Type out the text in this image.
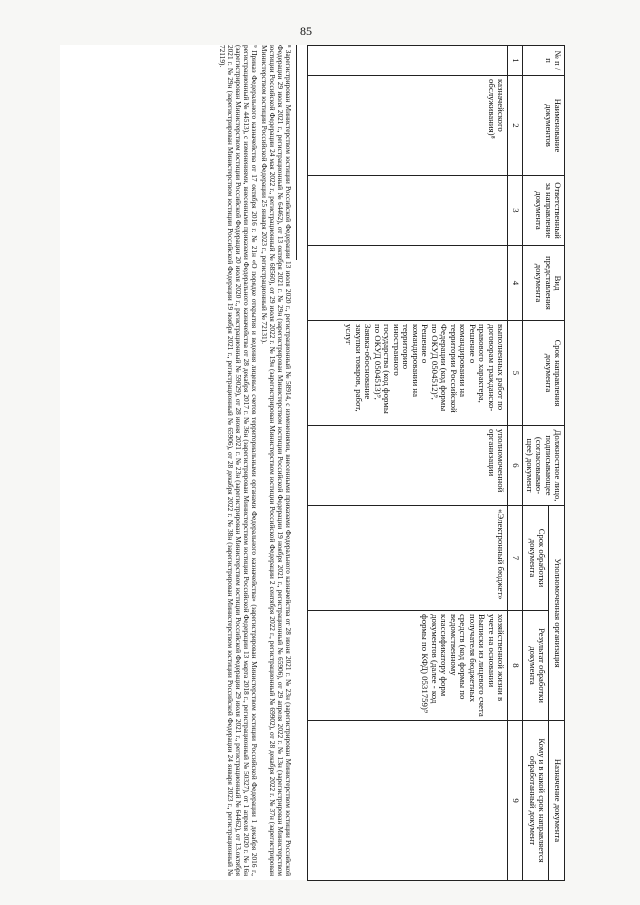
85
№ п / п	Наименование документов	Ответственный за направление документа	Вид представления документа	Срок направления документа	Должностное лицо, подписывающее (согласовываю- щее) документ	Уполномоченная организация		Назначение документа
						Срок обработки документа	Результат обработки документа	Кому и в какой срок направляется обработанный документ
1	2	3	4	5	6	7	8	9
	казначейского обслуживания)⁸			выполненных работ по договорам гражданско-правового характера, Решение о командировании на территории Российской Федерации (код формы по ОКУД 0504512)⁹, Решение о командировании на территорию иностранного государства (код формы по ОКУД 0504513)⁹, Заявка-обоснование закупки товаров, работ, услуг	уполномоченной организации	«Электронный бюджет»	хозяйственной жизни в учете на основании Выписки из лицевого счета получателя бюджетных средств (код формы по ведомственному классификатору форм документов (далее - код формы по КФД) 0531759)⁹	

⁸ Зарегистрирован Министерством юстиции Российской Федерации 13 июля 2020 г., регистрационный № 58914, с изменениями, внесенными приказами Федерального казначейства от 28 июня 2021 г. № 23н (зарегистрирован Министерством юстиции Российской Федерации 29 июля 2021 г., регистрационный № 64462), от 13 октября 2021 г. № 29н (зарегистрирован Министерством юстиции Российской Федерации 19 ноября 2021 г., регистрационный № 65906), от 29 апреля 2022 г. № 13н (зарегистрирован Министерством юстиции Российской Федерации 24 мая 2022 г., регистрационный № 68560), от 29 июля 2022 г. № 19н (зарегистрирован Министерством юстиции Российской Федерации 2 сентября 2022 г., регистрационный № 69902), от 28 декабря 2022 г. № 37н (зарегистрирован Министерством юстиции Российской Федерации 25 января 2023 г., регистрационный № 72131).

⁹ Приказ Федерального казначейства от 17 октября 2016 г. № 21н «О порядке открытия и ведения лицевых счетов территориальными органами Федерального казначейства» (зарегистрирован Министерством юстиции Российской Федерации 1 декабря 2016 г., регистрационный № 44513), с изменениями, внесенными приказами Федерального казначейства от 28 декабря 2017 г. № 36н (зарегистрирован Министерством юстиции Российской Федерации 13 марта 2018 г., регистрационный № 50327), от 1 апреля 2020 г. № 16н (зарегистрирован Министерством юстиции Российской Федерации 20 июля 2020 г., регистрационный № 59029), от 28 июня 2021 г. № 23н (зарегистрирован Министерством юстиции Российской Федерации 29 июля 2021 г., регистрационный № 64462), от 13.октября 2021 г. № 29н (зарегистрирован Министерством юстиции Российской Федерации 19 ноября 2021 г., регистрационный № 65906), от 28 декабря 2022 г. № 38н (зарегистрирован Министерством юстиции Российской Федерации 24 января 2023 г., регистрационный № 72119).
